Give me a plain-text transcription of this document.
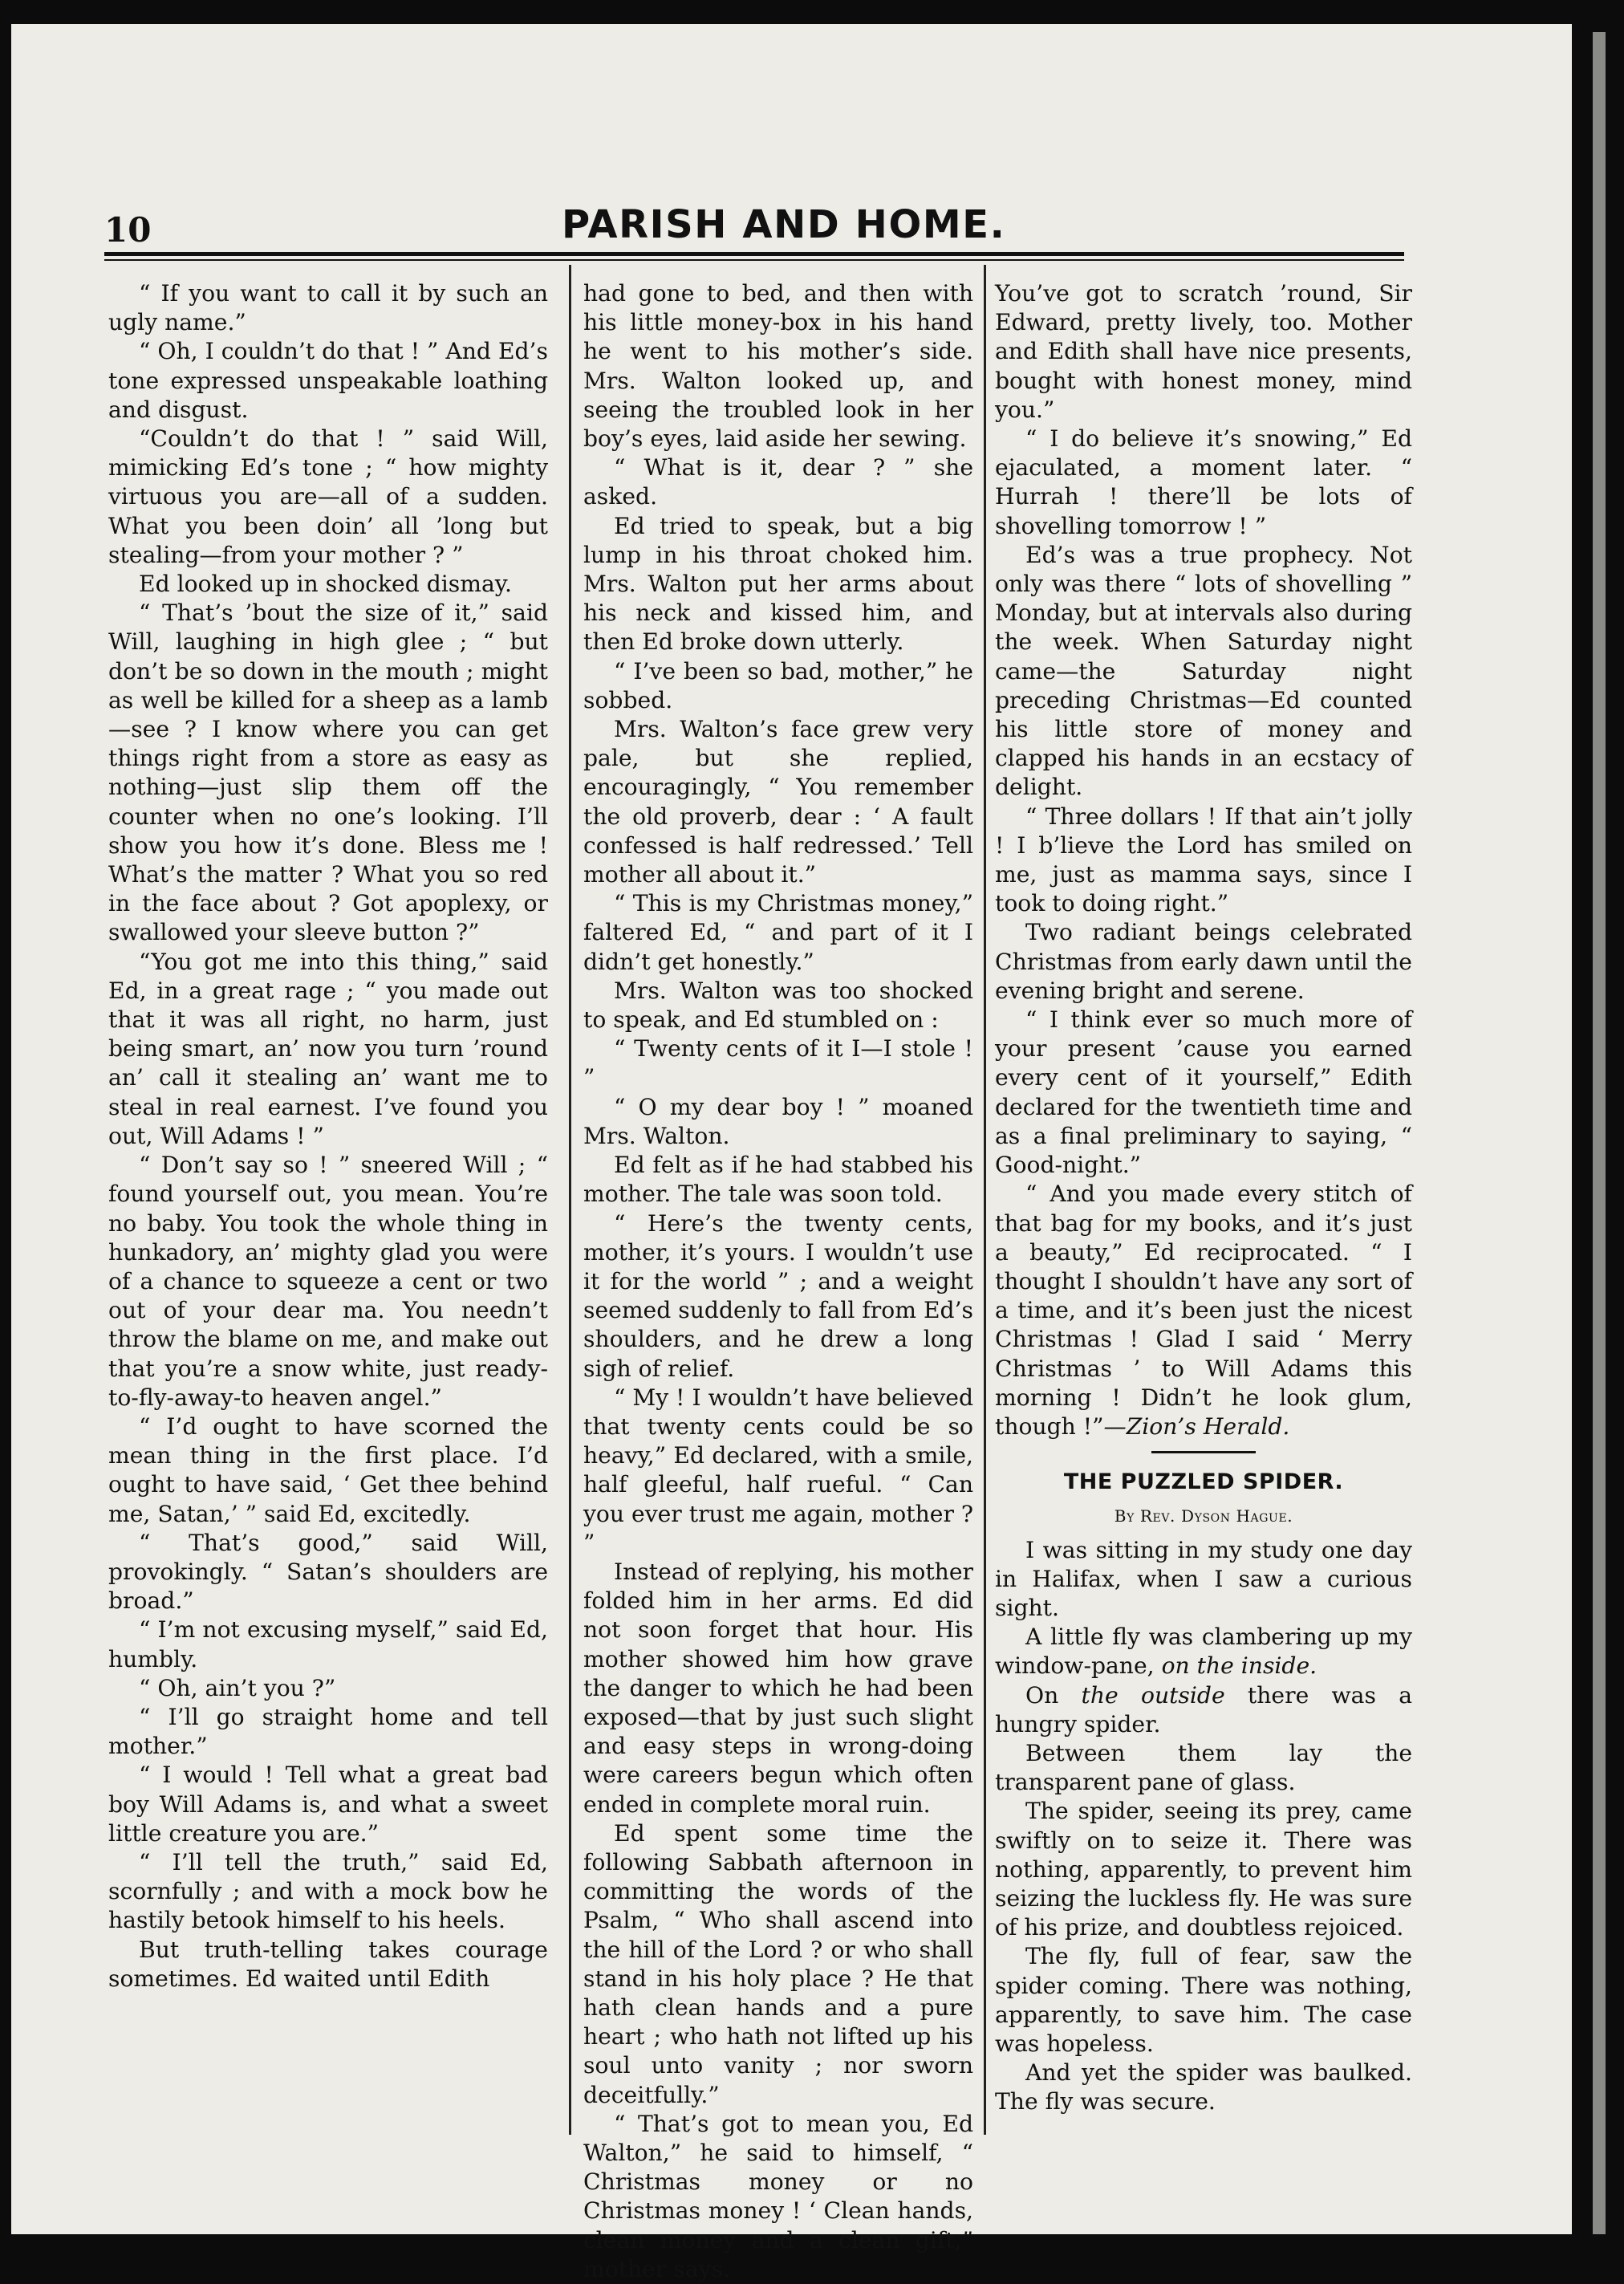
10	PARISH AND HOME.

“ If you want to call it by such an ugly name.”

“ Oh, I couldn’t do that ! ” And Ed’s tone expressed unspeakable loathing and disgust.

“Couldn’t do that ! ” said Will, mimicking Ed’s tone ; “ how mighty virtuous you are—all of a sudden. What you been doin’ all ’long but stealing—from your mother ? ”

Ed looked up in shocked dismay.

“ That’s ’bout the size of it,” said Will, laughing in high glee ; “ but don’t be so down in the mouth ; might as well be killed for a sheep as a lamb—see ? I know where you can get things right from a store as easy as nothing—just slip them off the counter when no one’s looking. I’ll show you how it’s done. Bless me ! What’s the matter ? What you so red in the face about ? Got apoplexy, or swallowed your sleeve button ?”

“You got me into this thing,” said Ed, in a great rage ; “ you made out that it was all right, no harm, just being smart, an’ now you turn ’round an’ call it stealing an’ want me to steal in real earnest. I’ve found you out, Will Adams ! ”

“ Don’t say so ! ” sneered Will ; “ found yourself out, you mean. You’re no baby. You took the whole thing in hunkadory, an’ mighty glad you were of a chance to squeeze a cent or two out of your dear ma. You needn’t throw the blame on me, and make out that you’re a snow white, just ready-to-fly-away-to heaven angel.”

“ I’d ought to have scorned the mean thing in the first place. I’d ought to have said, ‘ Get thee behind me, Satan,’ ” said Ed, excitedly.

“ That’s good,” said Will, provokingly. “ Satan’s shoulders are broad.”

“ I’m not excusing myself,” said Ed, humbly.

“ Oh, ain’t you ?”

“ I’ll go straight home and tell mother.”

“ I would ! Tell what a great bad boy Will Adams is, and what a sweet little creature you are.”

“ I’ll tell the truth,” said Ed, scornfully ; and with a mock bow he hastily betook himself to his heels.

But truth-telling takes courage sometimes. Ed waited until Edith

had gone to bed, and then with his little money-box in his hand he went to his mother’s side. Mrs. Walton looked up, and seeing the troubled look in her boy’s eyes, laid aside her sewing.

“ What is it, dear ? ” she asked.

Ed tried to speak, but a big lump in his throat choked him. Mrs. Walton put her arms about his neck and kissed him, and then Ed broke down utterly.

“ I’ve been so bad, mother,” he sobbed.

Mrs. Walton’s face grew very pale, but she replied, encouragingly, “ You remember the old proverb, dear : ‘ A fault confessed is half redressed.’ Tell mother all about it.”

“ This is my Christmas money,” faltered Ed, “ and part of it I didn’t get honestly.”

Mrs. Walton was too shocked to speak, and Ed stumbled on :

“ Twenty cents of it I—I stole ! ”

“ O my dear boy ! ” moaned Mrs. Walton.

Ed felt as if he had stabbed his mother. The tale was soon told.

“ Here’s the twenty cents, mother, it’s yours. I wouldn’t use it for the world ” ; and a weight seemed suddenly to fall from Ed’s shoulders, and he drew a long sigh of relief.

“ My ! I wouldn’t have believed that twenty cents could be so heavy,” Ed declared, with a smile, half gleeful, half rueful. “ Can you ever trust me again, mother ? ”

Instead of replying, his mother folded him in her arms. Ed did not soon forget that hour. His mother showed him how grave the danger to which he had been exposed—that by just such slight and easy steps in wrong-doing were careers begun which often ended in complete moral ruin.

Ed spent some time the following Sabbath afternoon in committing the words of the Psalm, “ Who shall ascend into the hill of the Lord ? or who shall stand in his holy place ? He that hath clean hands and a pure heart ; who hath not lifted up his soul unto vanity ; nor sworn deceitfully.”

“ That’s got to mean you, Ed Walton,” he said to himself, “ Christmas money or no Christmas money ! ‘ Clean hands, clean money and a clean gift,” mother says.

You’ve got to scratch ’round, Sir Edward, pretty lively, too. Mother and Edith shall have nice presents, bought with honest money, mind you.”

“ I do believe it’s snowing,” Ed ejaculated, a moment later. “ Hurrah ! there’ll be lots of shovelling tomorrow ! ”

Ed’s was a true prophecy. Not only was there “ lots of shovelling ” Monday, but at intervals also during the week. When Saturday night came—the Saturday night preceding Christmas—Ed counted his little store of money and clapped his hands in an ecstacy of delight.

“ Three dollars ! If that ain’t jolly ! I b’lieve the Lord has smiled on me, just as mamma says, since I took to doing right.”

Two radiant beings celebrated Christmas from early dawn until the evening bright and serene.

“ I think ever so much more of your present ’cause you earned every cent of it yourself,” Edith declared for the twentieth time and as a final preliminary to saying, “ Good-night.”

“ And you made every stitch of that bag for my books, and it’s just a beauty,” Ed reciprocated. “ I thought I shouldn’t have any sort of a time, and it’s been just the nicest Christmas ! Glad I said ‘ Merry Christmas ’ to Will Adams this morning ! Didn’t he look glum, though !”—Zion’s Herald.

THE PUZZLED SPIDER.
By Rev. Dyson Hague.

I was sitting in my study one day in Halifax, when I saw a curious sight.

A little fly was clambering up my window-pane, on the inside.

On the outside there was a hungry spider.

Between them lay the transparent pane of glass.

The spider, seeing its prey, came swiftly on to seize it. There was nothing, apparently, to prevent him seizing the luckless fly. He was sure of his prize, and doubtless rejoiced.

The fly, full of fear, saw the spider coming. There was nothing, apparently, to save him. The case was hopeless.

And yet the spider was baulked. The fly was secure.
